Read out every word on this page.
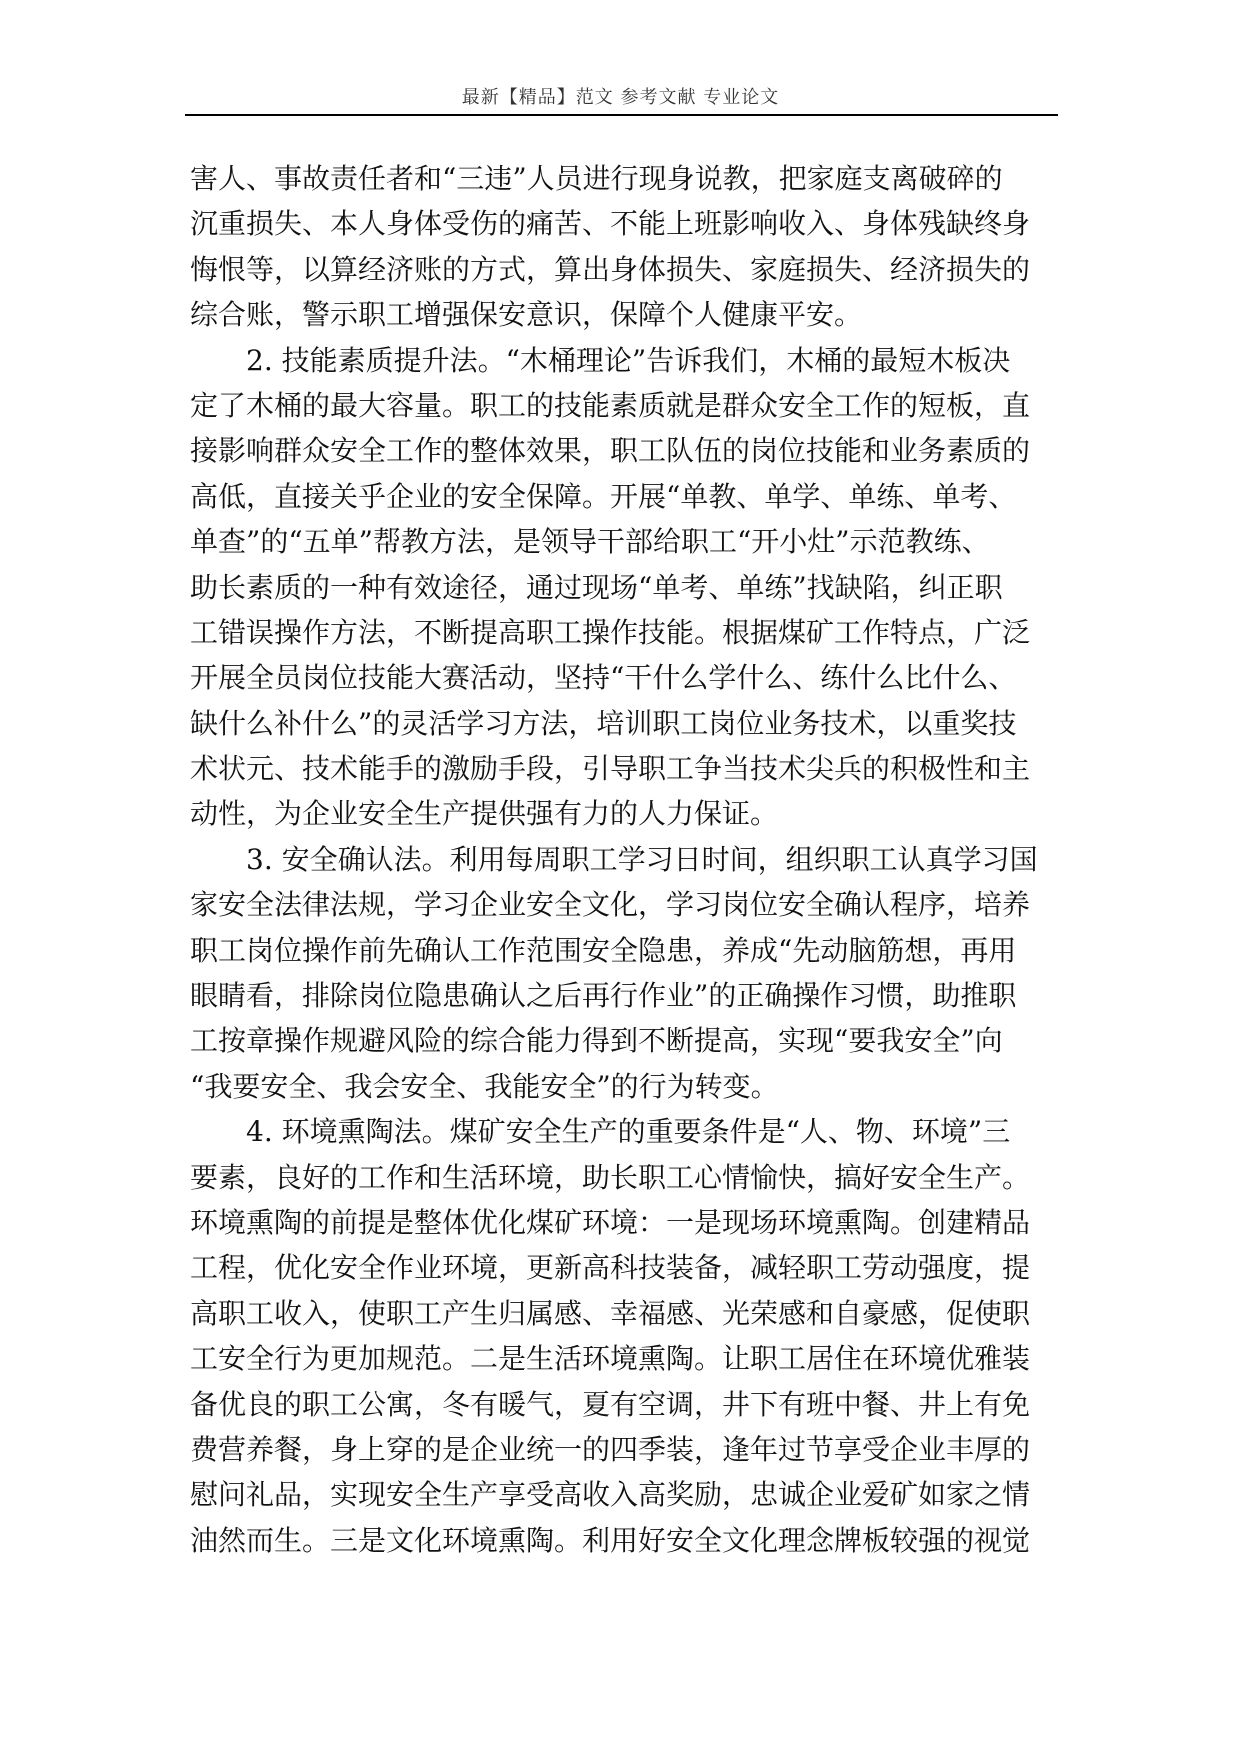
最新【精品】范文 参考文献 专业论文
害人、事故责任者和“三违”人员进行现身说教，把家庭支离破碎的
沉重损失、本人身体受伤的痛苦、不能上班影响收入、身体残缺终身
悔恨等，以算经济账的方式，算出身体损失、家庭损失、经济损失的
综合账，警示职工增强保安意识，保障个人健康平安。
2. 技能素质提升法。“木桶理论”告诉我们，木桶的最短木板决
定了木桶的最大容量。职工的技能素质就是群众安全工作的短板，直
接影响群众安全工作的整体效果，职工队伍的岗位技能和业务素质的
高低，直接关乎企业的安全保障。开展“单教、单学、单练、单考、
单查”的“五单”帮教方法，是领导干部给职工“开小灶”示范教练、
助长素质的一种有效途径，通过现场“单考、单练”找缺陷，纠正职
工错误操作方法，不断提高职工操作技能。根据煤矿工作特点，广泛
开展全员岗位技能大赛活动，坚持“干什么学什么、练什么比什么、
缺什么补什么”的灵活学习方法，培训职工岗位业务技术，以重奖技
术状元、技术能手的激励手段，引导职工争当技术尖兵的积极性和主
动性，为企业安全生产提供强有力的人力保证。
3. 安全确认法。利用每周职工学习日时间，组织职工认真学习国
家安全法律法规，学习企业安全文化，学习岗位安全确认程序，培养
职工岗位操作前先确认工作范围安全隐患，养成“先动脑筋想，再用
眼睛看，排除岗位隐患确认之后再行作业”的正确操作习惯，助推职
工按章操作规避风险的综合能力得到不断提高，实现“要我安全”向
“我要安全、我会安全、我能安全”的行为转变。
4. 环境熏陶法。煤矿安全生产的重要条件是“人、物、环境”三
要素，良好的工作和生活环境，助长职工心情愉快，搞好安全生产。
环境熏陶的前提是整体优化煤矿环境：一是现场环境熏陶。创建精品
工程，优化安全作业环境，更新高科技装备，减轻职工劳动强度，提
高职工收入，使职工产生归属感、幸福感、光荣感和自豪感，促使职
工安全行为更加规范。二是生活环境熏陶。让职工居住在环境优雅装
备优良的职工公寓，冬有暖气，夏有空调，井下有班中餐、井上有免
费营养餐，身上穿的是企业统一的四季装，逢年过节享受企业丰厚的
慰问礼品，实现安全生产享受高收入高奖励，忠诚企业爱矿如家之情
油然而生。三是文化环境熏陶。利用好安全文化理念牌板较强的视觉
